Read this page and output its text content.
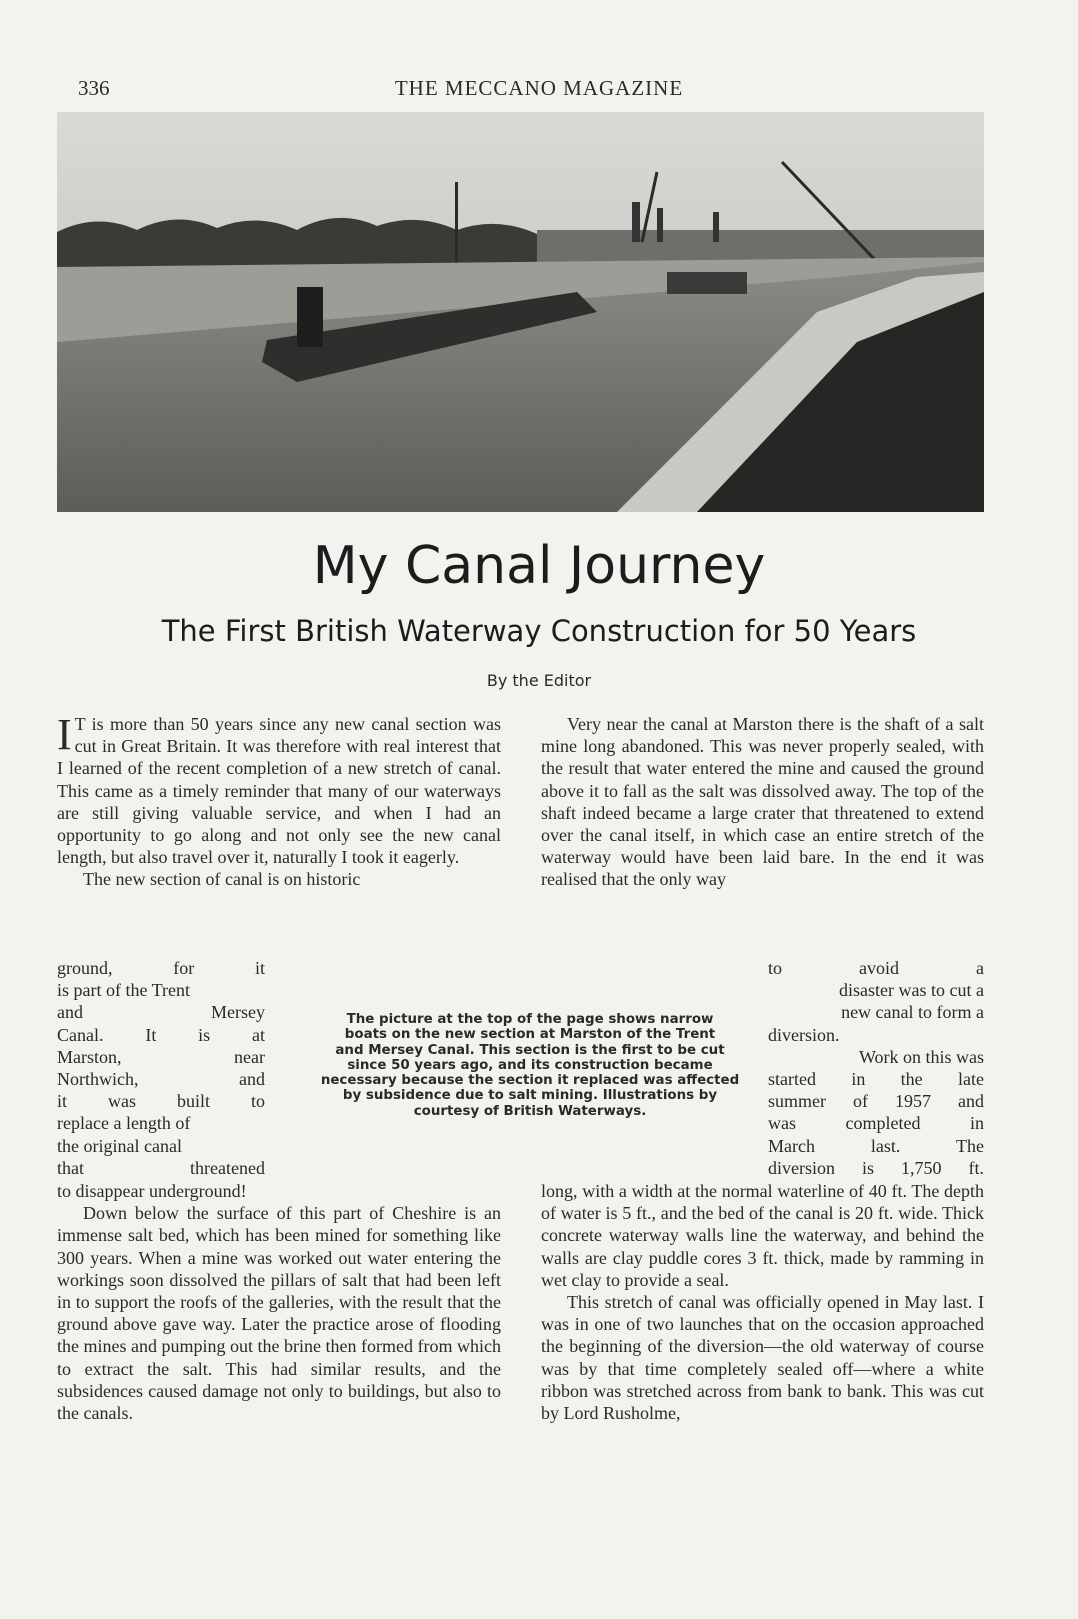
336	THE MECCANO MAGAZINE
My Canal Journey
The First British Waterway Construction for 50 Years
By the Editor
I T is more than 50 years since any new canal section was cut in Great Britain. It was therefore with real interest that I learned of the recent completion of a new stretch of canal. This came as a timely reminder that many of our waterways are still giving valuable service, and when I had an opportunity to go along and not only see the new canal length, but also travel over it, naturally I took it eagerly.
The new section of canal is on historic
ground, for it
is part of the Trent
and Mersey
Canal. It is at
Marston, near
Northwich, and
it was built to
replace a length of
the original canal
that threatened
The picture at the top of the page shows narrow
boats on the new section at Marston of the Trent
and Mersey Canal. This section is the first to be cut
since 50 years ago, and its construction became
necessary because the section it replaced was affected
by subsidence due to salt mining. Illustrations by
courtesy of British Waterways.
Very near the canal at Marston there is the shaft of a salt mine long abandoned. This was never properly sealed, with the result that water entered the mine and caused the ground above it to fall as the salt was dissolved away. The top of the shaft indeed became a large crater that threatened to extend over the canal itself, in which case an entire stretch of the waterway would have been laid bare. In the end it was realised that the only way
to avoid a
disaster was to cut a
new canal to form a
diversion.
Work on this was
started in the late
summer of 1957 and
was completed in
March last. The
diversion is 1,750 ft.

to disappear underground!

Down below the surface of this part of Cheshire is an immense salt bed, which has been mined for something like 300 years. When a mine was worked out water entering the workings soon dissolved the pillars of salt that had been left in to support the roofs of the galleries, with the result that the ground above gave way. Later the practice arose of flooding the mines and pumping out the brine then formed from which to extract the salt. This had similar results, and the subsidences caused damage not only to buildings, but also to the canals.

long, with a width at the normal waterline of 40 ft. The depth of water is 5 ft., and the bed of the canal is 20 ft. wide. Thick concrete waterway walls line the waterway, and behind the walls are clay puddle cores 3 ft. thick, made by ramming in wet clay to provide a seal.

This stretch of canal was officially opened in May last. I was in one of two launches that on the occasion approached the beginning of the diversion—the old waterway of course was by that time completely sealed off—where a white ribbon was stretched across from bank to bank. This was cut by Lord Rusholme,
